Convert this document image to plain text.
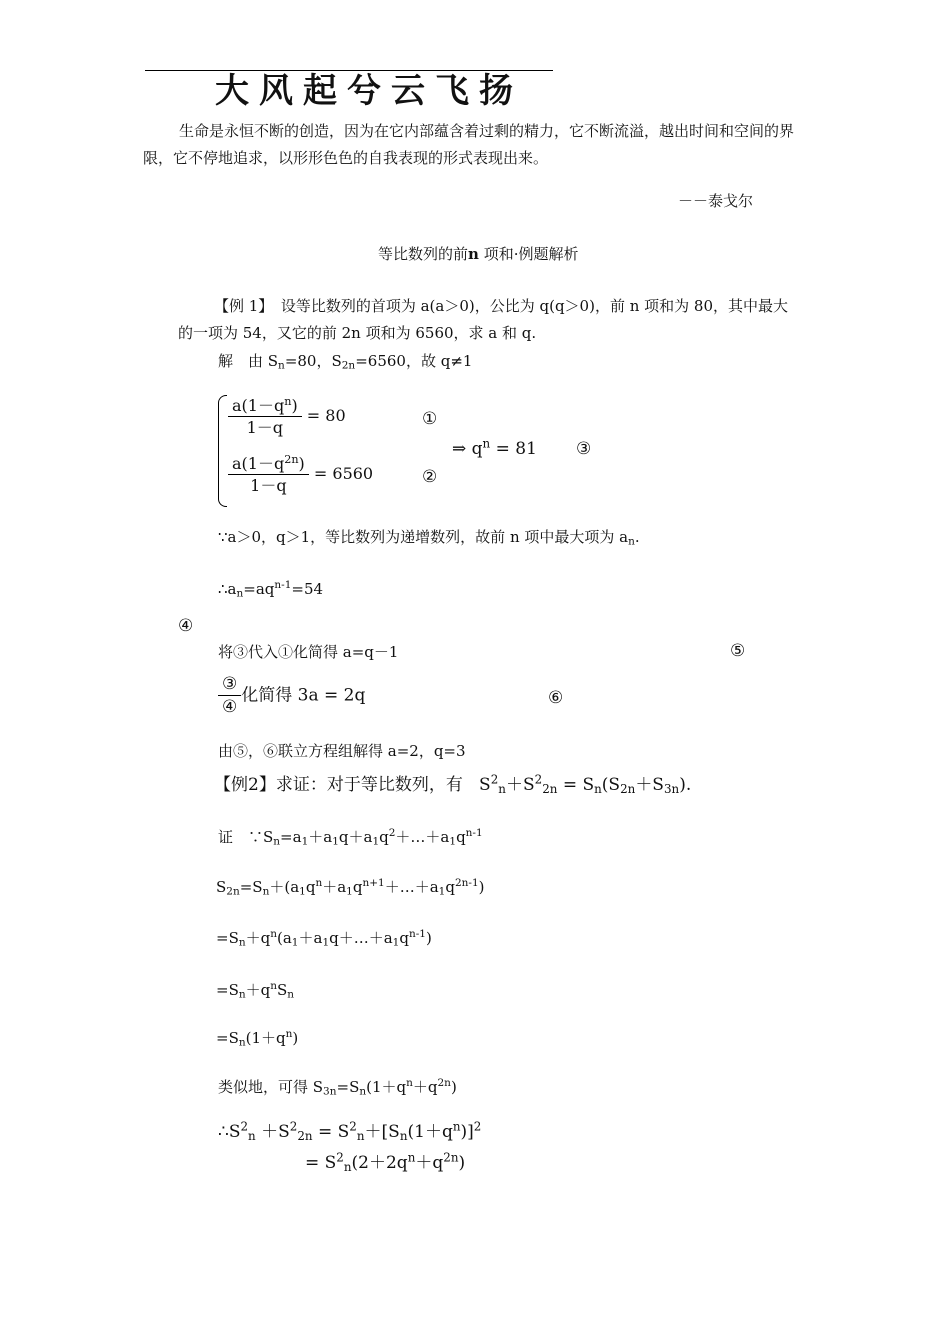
大风起兮云飞扬
生命是永恒不断的创造，因为在它内部蕴含着过剩的精力，它不断流溢，越出时间和空间的界限，它不停地追求，以形形色色的自我表现的形式表现出来。
－－泰戈尔
等比数列的前n 项和·例题解析
【例 1】　 设等比数列的首项为 a(a＞0)，公比为 q(q＞0)，前 n 项和为 80，其中最大的一项为 54，又它的前 2n 项和为 6560，求 a 和 q.
解　由 $S_n=80$，$S_{2n}=6560$，故 q≠1
$\frac{a(1-q^n)}{1-q} = 80$	①
$\frac{a(1-q^{2n})}{1-q} = 6560$	②
⇒ $q^n = 81$ ③
∵a＞0，q＞1，等比数列为递增数列，故前 n 项中最大项为 $a_n$.
$\therefore a_n=aq^{n-1}=54$
④
将③代入①化简得 a=q－1	⑤
$\frac{\text{③}}{\text{④}}$ 化简得 3a = 2q	⑥
由⑤，⑥联立方程组解得 a=2，q=3
【例2】求证：对于等比数列，有 $S^2_n+S^2_{2n} = S_n(S_{2n}+S_{3n})$.
证　$\because S_n=a_1+a_1q+a_1q^2+\dots+a_1q^{n-1}$
$S_{2n}=S_n+(a_1q^n+a_1q^{n+1}+\dots+a_1q^{2n-1})$
$=S_n+q^n(a_1+a_1q+\dots+a_1q^{n-1})$
$=S_n+q^nS_n$
$=S_n(1+q^n)$
类似地，可得 $S_{3n}=S_n(1+q^n+q^{2n})$
$\therefore S^2_n +S^2_{2n} = S^2_n+[S_n(1+q^n)]^2$
= $S^2_n(2+2q^n+q^{2n})$
